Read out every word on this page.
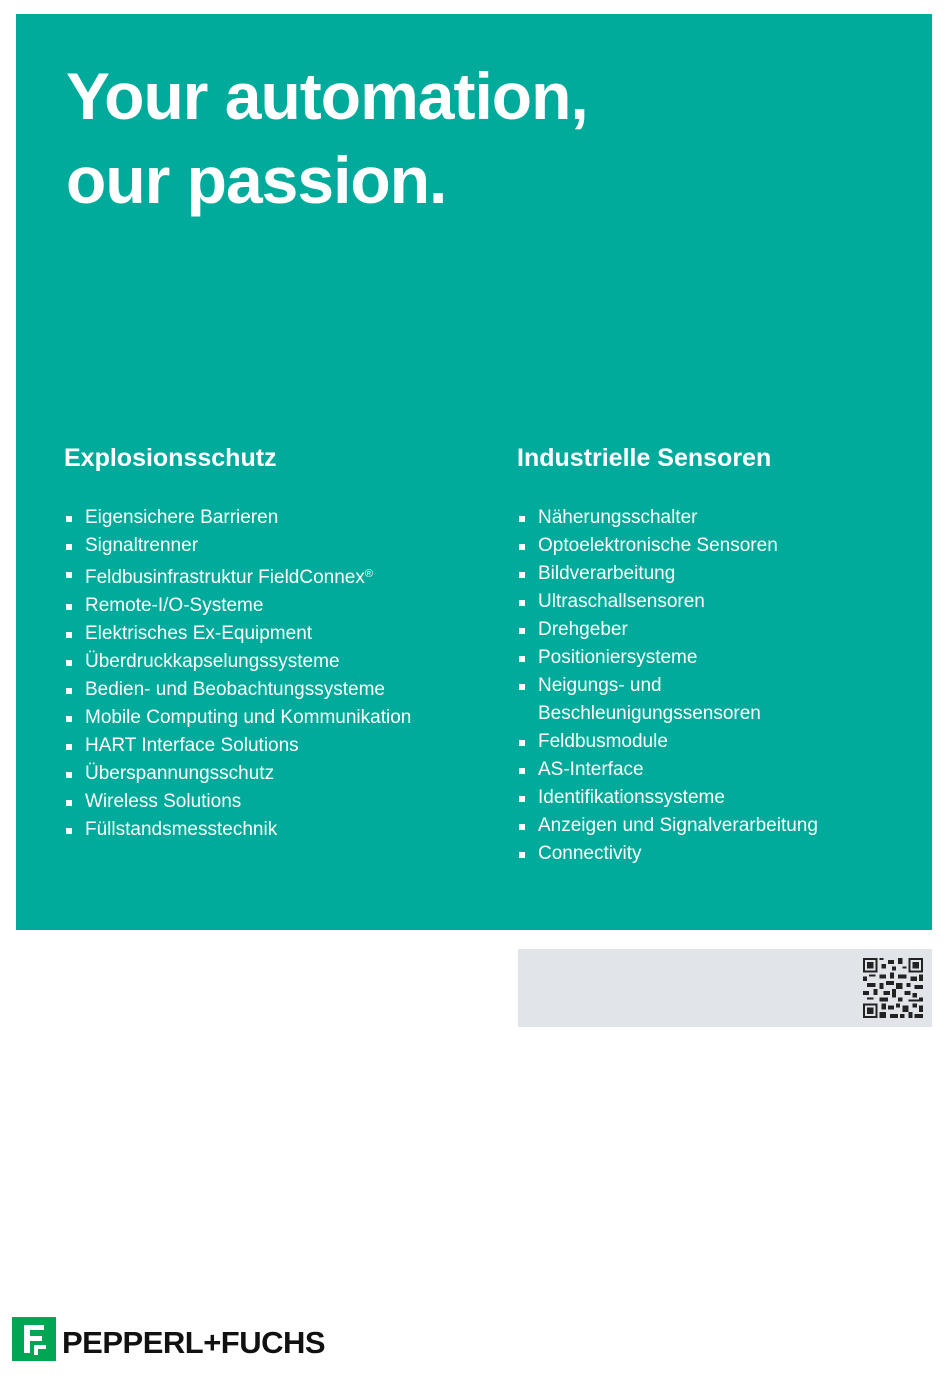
Your automation,
our passion.
Explosionsschutz
Eigensichere Barrieren
Signaltrenner
Feldbusinfrastruktur FieldConnex®
Remote-I/O-Systeme
Elektrisches Ex-Equipment
Überdruckkapselungssysteme
Bedien- und Beobachtungssysteme
Mobile Computing und Kommunikation
HART Interface Solutions
Überspannungsschutz
Wireless Solutions
Füllstandsmesstechnik
Industrielle Sensoren
Näherungsschalter
Optoelektronische Sensoren
Bildverarbeitung
Ultraschallsensoren
Drehgeber
Positioniersysteme
Neigungs- und Beschleunigungssensoren
Feldbusmodule
AS-Interface
Identifikationssysteme
Anzeigen und Signalverarbeitung
Connectivity
PEPPERL+FUCHS
